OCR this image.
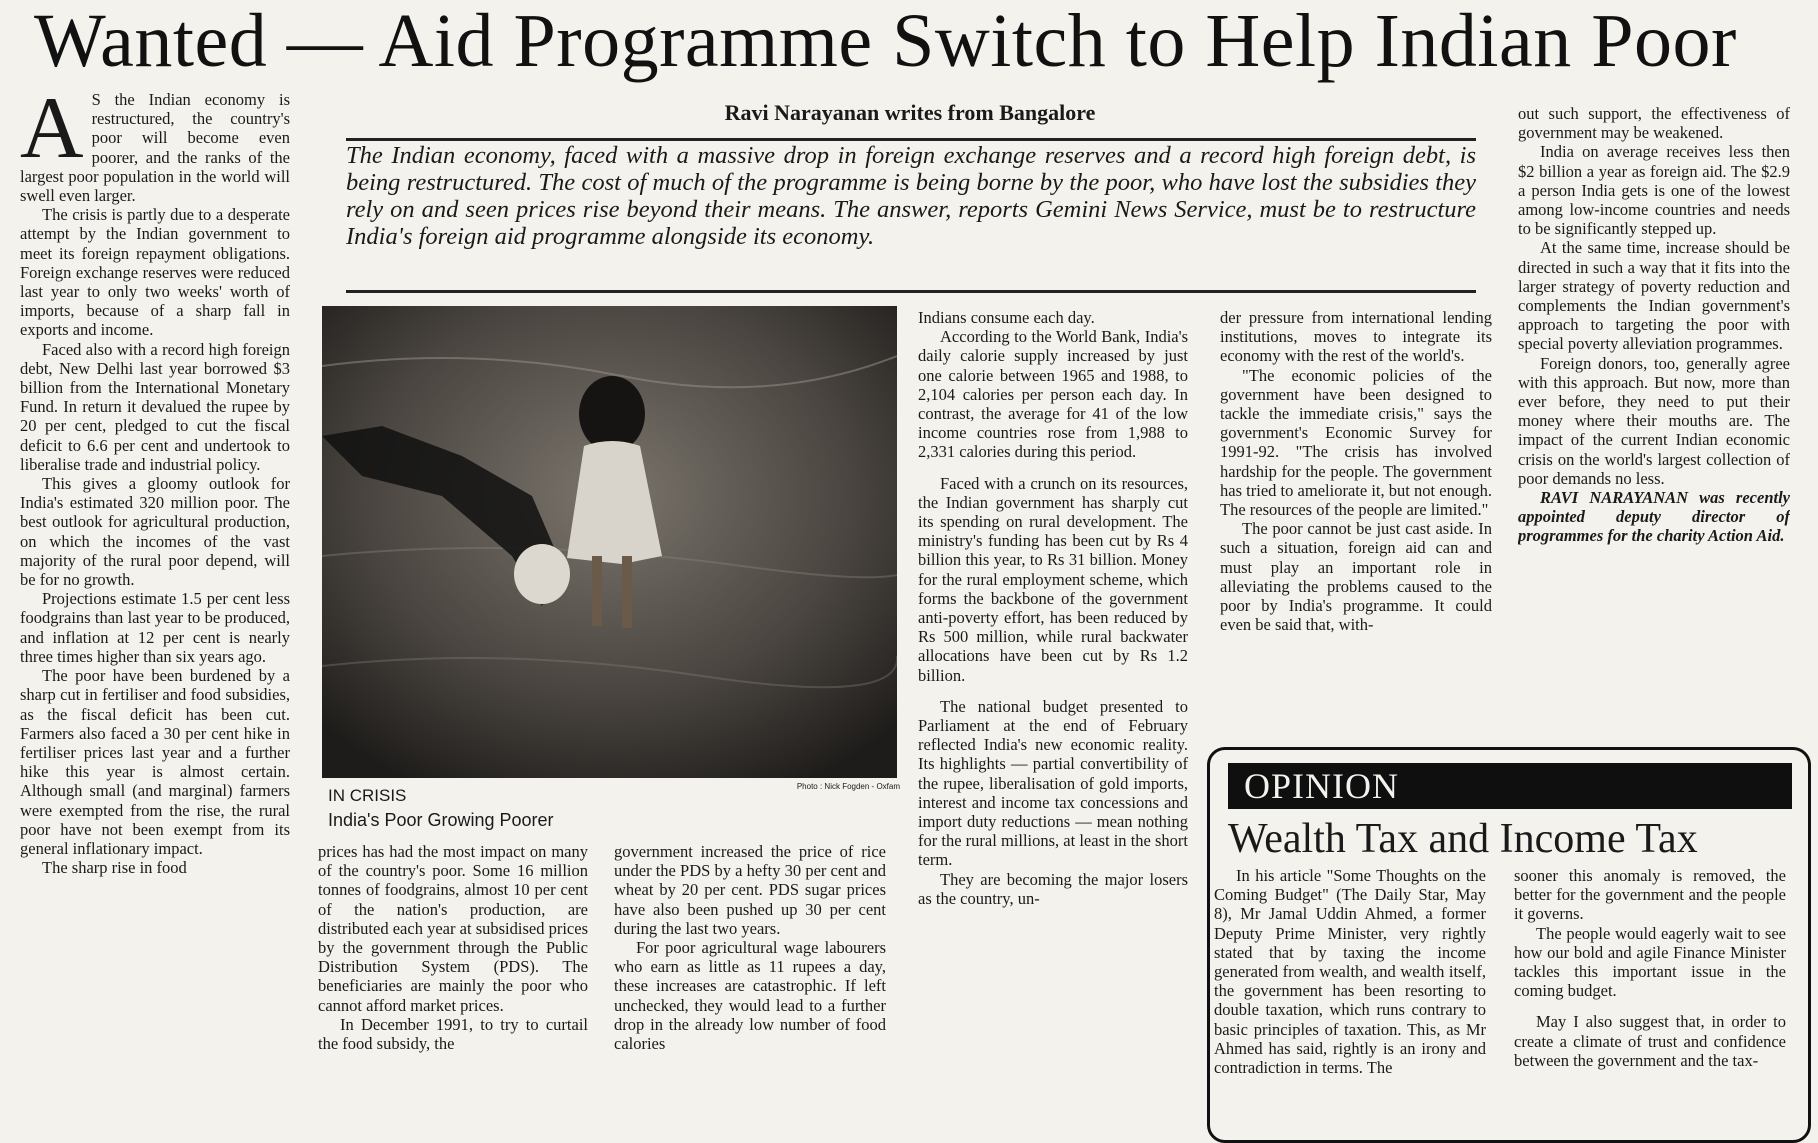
Wanted — Aid Programme Switch to Help Indian Poor
Ravi Narayanan writes from Bangalore
The Indian economy, faced with a massive drop in foreign exchange reserves and a record high foreign debt, is being restructured. The cost of much of the programme is being borne by the poor, who have lost the subsidies they rely on and seen prices rise beyond their means. The answer, reports Gemini News Service, must be to restructure India's foreign aid programme alongside its economy.
A S the Indian economy is restructured, the country's poor will become even poorer, and the ranks of the largest poor population in the world will swell even larger.

The crisis is partly due to a desperate attempt by the Indian government to meet its foreign repayment obligations. Foreign exchange reserves were reduced last year to only two weeks' worth of imports, because of a sharp fall in exports and income.

Faced also with a record high foreign debt, New Delhi last year borrowed $3 billion from the International Monetary Fund. In return it devalued the rupee by 20 per cent, pledged to cut the fiscal deficit to 6.6 per cent and undertook to liberalise trade and industrial policy.

This gives a gloomy outlook for India's estimated 320 million poor. The best outlook for agricultural production, on which the incomes of the vast majority of the rural poor depend, will be for no growth.

Projections estimate 1.5 per cent less foodgrains than last year to be produced, and inflation at 12 per cent is nearly three times higher than six years ago.

The poor have been burdened by a sharp cut in fertiliser and food subsidies, as the fiscal deficit has been cut. Farmers also faced a 30 per cent hike in fertiliser prices last year and a further hike this year is almost certain. Although small (and marginal) farmers were exempted from the rise, the rural poor have not been exempt from its general inflationary impact.

The sharp rise in food

Photo : Nick Fogden - Oxfam
IN CRISIS
India's Poor Growing Poorer

prices has had the most impact on many of the country's poor. Some 16 million tonnes of foodgrains, almost 10 per cent of the nation's production, are distributed each year at subsidised prices by the government through the Public Distribution System (PDS). The beneficiaries are mainly the poor who cannot afford market prices.

In December 1991, to try to curtail the food subsidy, the

government increased the price of rice under the PDS by a hefty 30 per cent and wheat by 20 per cent. PDS sugar prices have also been pushed up 30 per cent during the last two years.

For poor agricultural wage labourers who earn as little as 11 rupees a day, these increases are catastrophic. If left unchecked, they would lead to a further drop in the already low number of food calories

Indians consume each day.

According to the World Bank, India's daily calorie supply increased by just one calorie between 1965 and 1988, to 2,104 calories per person each day. In contrast, the average for 41 of the low income countries rose from 1,988 to 2,331 calories during this period.

Faced with a crunch on its resources, the Indian government has sharply cut its spending on rural development. The ministry's funding has been cut by Rs 4 billion this year, to Rs 31 billion. Money for the rural employment scheme, which forms the backbone of the government anti-poverty effort, has been reduced by Rs 500 million, while rural backwater allocations have been cut by Rs 1.2 billion.

The national budget presented to Parliament at the end of February reflected India's new economic reality. Its highlights — partial convertibility of the rupee, liberalisation of gold imports, interest and income tax concessions and import duty reductions — mean nothing for the rural millions, at least in the short term.

They are becoming the major losers as the country, un-

der pressure from international lending institutions, moves to integrate its economy with the rest of the world's.

"The economic policies of the government have been designed to tackle the immediate crisis," says the government's Economic Survey for 1991-92. "The crisis has involved hardship for the people. The government has tried to ameliorate it, but not enough. The resources of the people are limited."

The poor cannot be just cast aside. In such a situation, foreign aid can and must play an important role in alleviating the problems caused to the poor by India's programme. It could even be said that, with-

out such support, the effectiveness of government may be weakened.

India on average receives less then $2 billion a year as foreign aid. The $2.9 a person India gets is one of the lowest among low-income countries and needs to be significantly stepped up.

At the same time, increase should be directed in such a way that it fits into the larger strategy of poverty reduction and complements the Indian government's approach to targeting the poor with special poverty alleviation programmes.

Foreign donors, too, generally agree with this approach. But now, more than ever before, they need to put their money where their mouths are. The impact of the current Indian economic crisis on the world's largest collection of poor demands no less.

RAVI NARAYANAN was recently appointed deputy director of programmes for the charity Action Aid.

OPINION
Wealth Tax and Income Tax

In his article "Some Thoughts on the Coming Budget" (The Daily Star, May 8), Mr Jamal Uddin Ahmed, a former Deputy Prime Minister, very rightly stated that by taxing the income generated from wealth, and wealth itself, the government has been resorting to double taxation, which runs contrary to basic principles of taxation. This, as Mr Ahmed has said, rightly is an irony and contradiction in terms. The

sooner this anomaly is removed, the better for the government and the people it governs.

The people would eagerly wait to see how our bold and agile Finance Minister tackles this important issue in the coming budget.

May I also suggest that, in order to create a climate of trust and confidence between the government and the tax-
